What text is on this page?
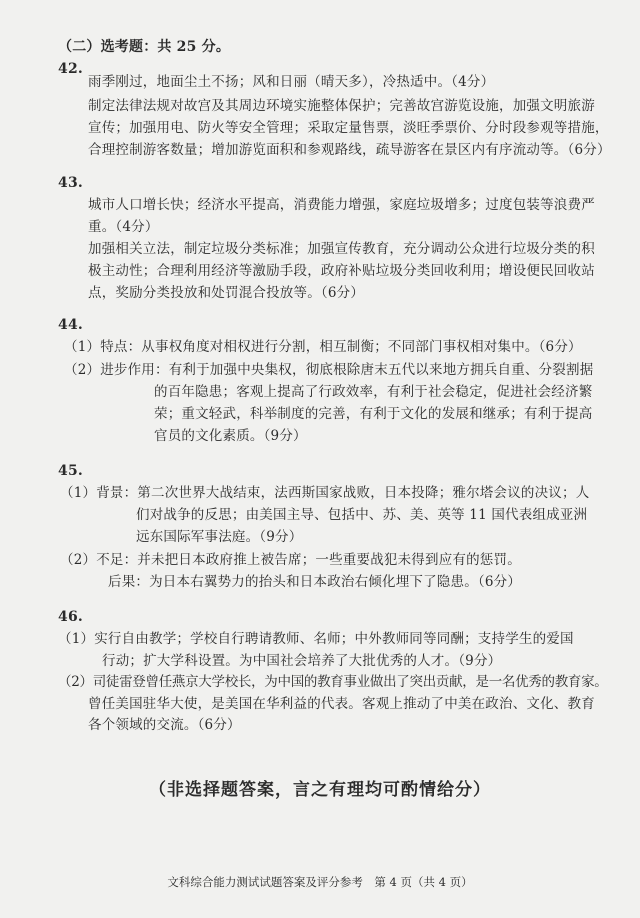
（二）选考题：共 25 分。
42.
雨季刚过，地面尘土不扬；风和日丽（晴天多），冷热适中。（4分）
制定法律法规对故宫及其周边环境实施整体保护；完善故宫游览设施，加强文明旅游
宣传；加强用电、防火等安全管理；采取定量售票，淡旺季票价、分时段参观等措施，
合理控制游客数量；增加游览面积和参观路线，疏导游客在景区内有序流动等。（6分）
43.
城市人口增长快；经济水平提高，消费能力增强，家庭垃圾增多；过度包装等浪费严
重。（4分）
加强相关立法，制定垃圾分类标准；加强宣传教育，充分调动公众进行垃圾分类的积
极主动性；合理利用经济等激励手段，政府补贴垃圾分类回收利用；增设便民回收站
点，奖励分类投放和处罚混合投放等。（6分）
44.
（1）特点：从事权角度对相权进行分割，相互制衡；不同部门事权相对集中。（6分）
（2）进步作用：有利于加强中央集权，彻底根除唐末五代以来地方拥兵自重、分裂割据
的百年隐患；客观上提高了行政效率，有利于社会稳定，促进社会经济繁
荣；重文轻武，科举制度的完善，有利于文化的发展和继承；有利于提高
官员的文化素质。（9分）
45.
（1）背景：第二次世界大战结束，法西斯国家战败，日本投降；雅尔塔会议的决议；人
们对战争的反思；由美国主导、包括中、苏、美、英等 11 国代表组成亚洲
远东国际军事法庭。（9分）
（2）不足：并未把日本政府推上被告席；一些重要战犯未得到应有的惩罚。
后果：为日本右翼势力的抬头和日本政治右倾化埋下了隐患。（6分）
46.
（1）实行自由教学；学校自行聘请教师、名师；中外教师同等同酬；支持学生的爱国
行动；扩大学科设置。为中国社会培养了大批优秀的人才。（9分）
（2）司徒雷登曾任燕京大学校长，为中国的教育事业做出了突出贡献，是一名优秀的教育家。
曾任美国驻华大使，是美国在华利益的代表。客观上推动了中美在政治、文化、教育
各个领域的交流。（6分）
（非选择题答案，言之有理均可酌情给分）
文科综合能力测试试题答案及评分参考　第 4 页（共 4 页）
